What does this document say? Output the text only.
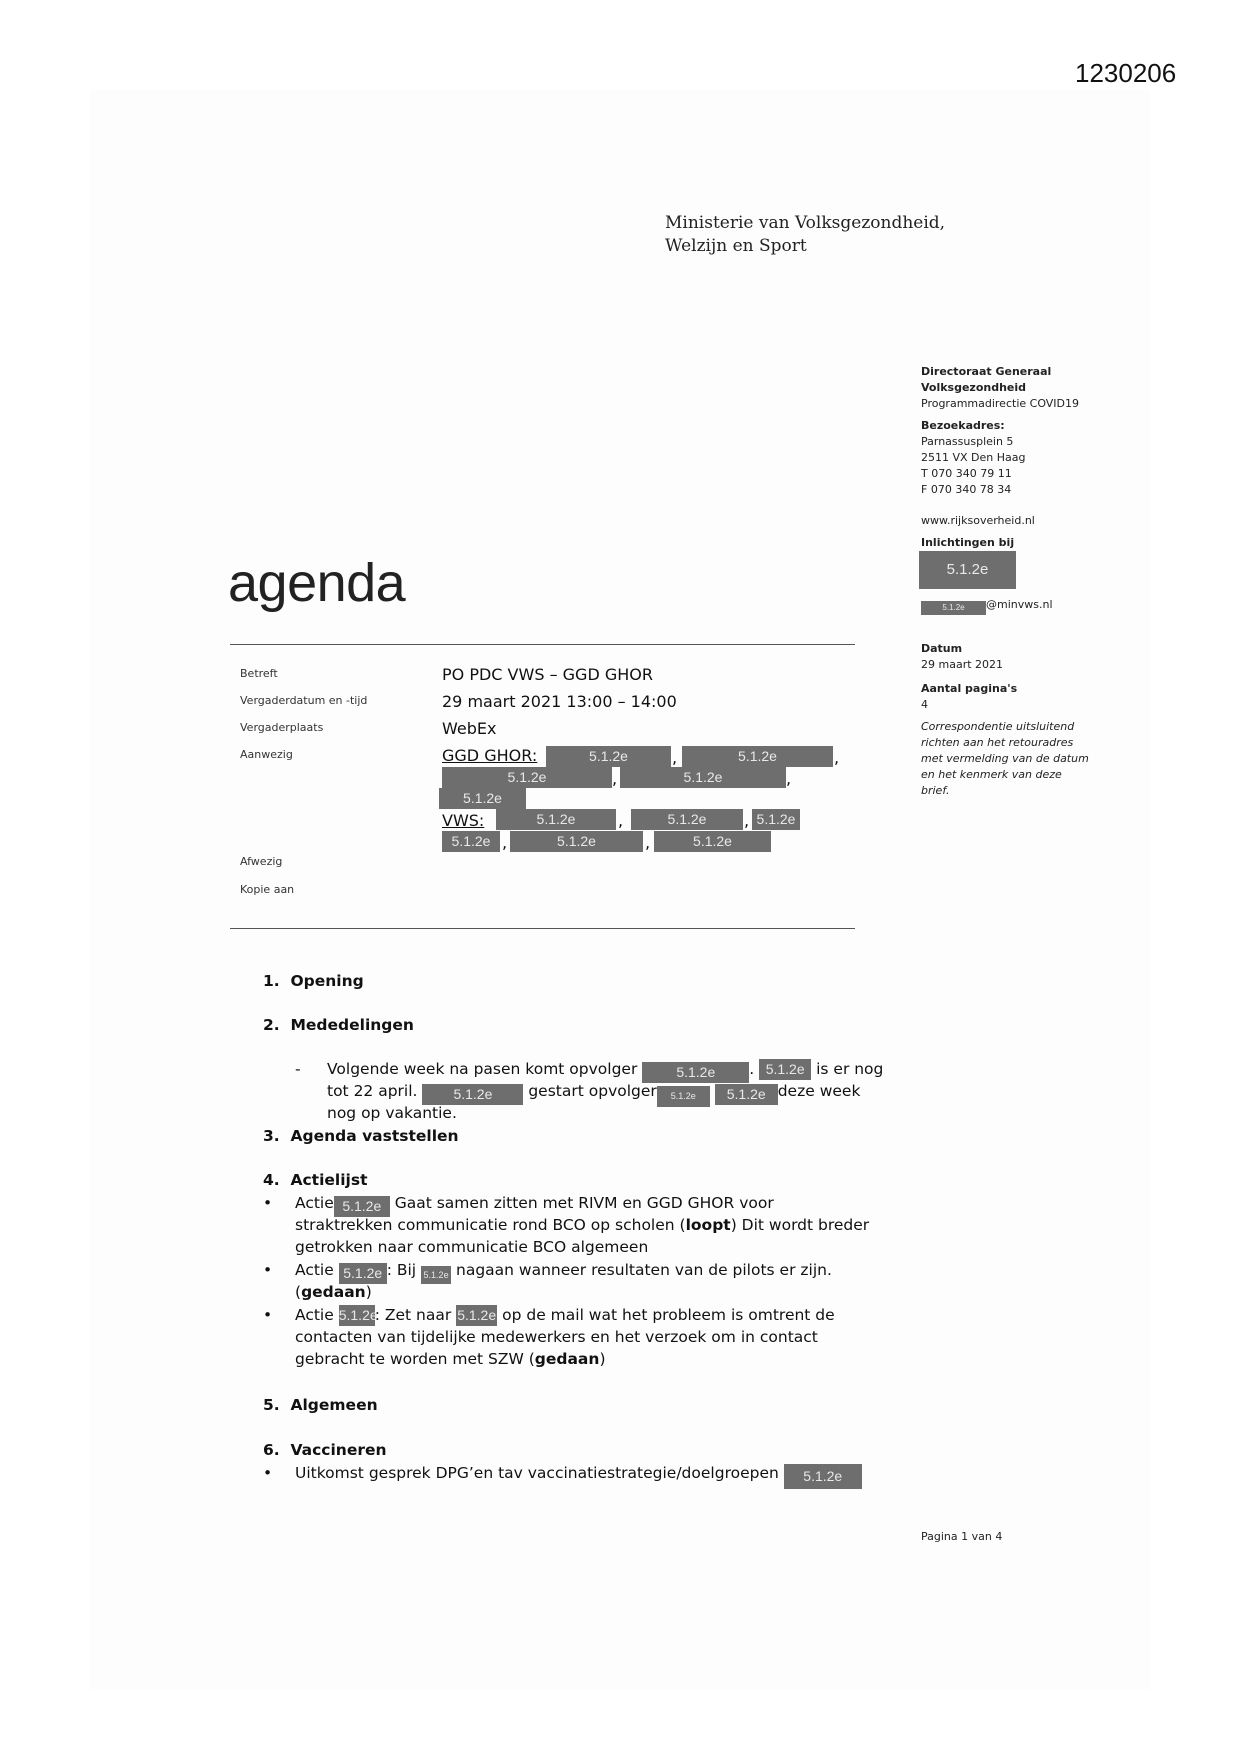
1230206
Ministerie van Volksgezondheid,
Welzijn en Sport
agenda
Betreft	PO PDC VWS – GGD GHOR
Vergaderdatum en -tijd	29 maart 2021 13:00 – 14:00
Vergaderplaats	WebEx
Aanwezig	GGD GHOR:	5.1.2e	,	5.1.2e	,
5.1.2e	,	5.1.2e	,
5.1.2e
VWS:	5.1.2e	,	5.1.2e	, 5.1.2e
5.1.2e ,	5.1.2e	,	5.1.2e
Afwezig
Kopie aan
Directoraat Generaal
Volksgezondheid
Programmadirectie COVID19
Bezoekadres:
Parnassusplein 5
2511 VX Den Haag
T 070 340 79 11
F 070 340 78 34
www.rijksoverheid.nl
Inlichtingen bij
5.1.2e
5.1.2e @minvws.nl
Datum
29 maart 2021
Aantal pagina's
4
Correspondentie uitsluitend
richten aan het retouradres
met vermelding van de datum
en het kenmerk van deze
brief.
1. Opening
2. Mededelingen
- Volgende week na pasen komt opvolger	5.1.2e . 5.1.2e is er nog
tot 22 april.	5.1.2e gestart opvolger 5.1.2e 5.1.2e deze week
nog op vakantie.
3. Agenda vaststellen
4. Actielijst
• Actie 5.1.2e Gaat samen zitten met RIVM en GGD GHOR voor
straktrekken communicatie rond BCO op scholen (loopt) Dit wordt breder
getrokken naar communicatie BCO algemeen
• Actie 5.1.2e : Bij 5.1.2e nagaan wanneer resultaten van de pilots er zijn.
(gedaan)
• Actie 5.1.2e: Zet naar 5.1.2e op de mail wat het probleem is omtrent de
contacten van tijdelijke medewerkers en het verzoek om in contact
gebracht te worden met SZW (gedaan)
5. Algemeen
6. Vaccineren
• Uitkomst gesprek DPG’en tav vaccinatiestrategie/doelgroepen 5.1.2e
Pagina 1 van 4
